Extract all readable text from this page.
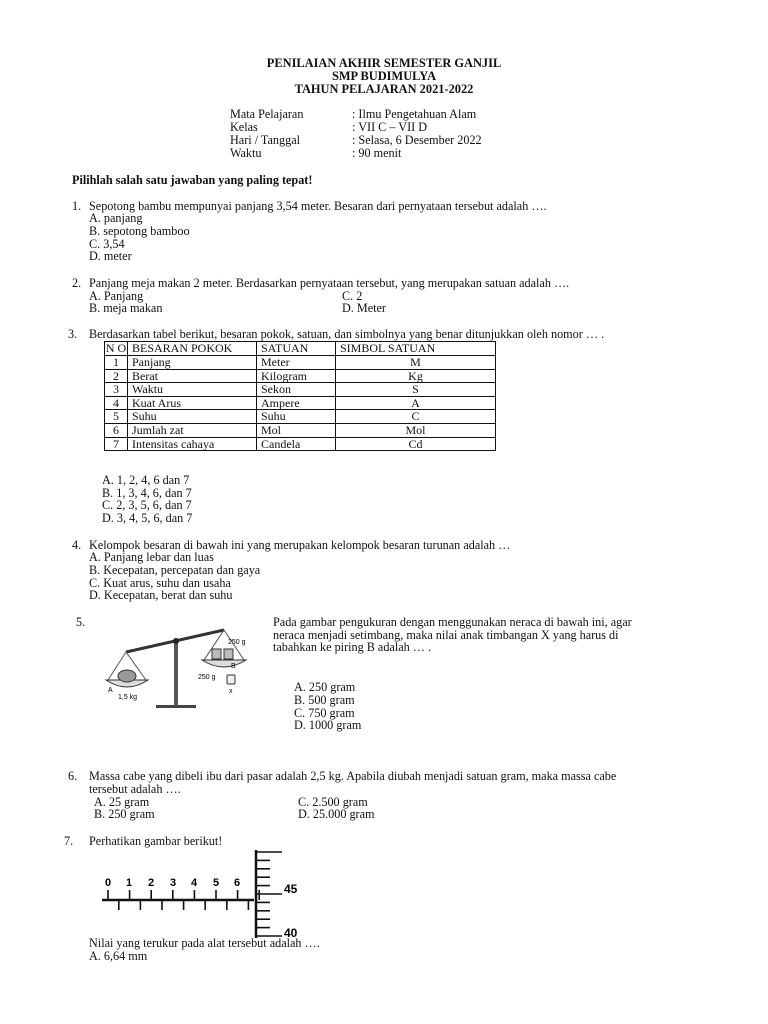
PENILAIAN AKHIR SEMESTER GANJIL
SMP BUDIMULYA
TAHUN PELAJARAN 2021-2022
Mata Pelajaran	: Ilmu Pengetahuan Alam
Kelas	: VII C – VII D
Hari / Tanggal	: Selasa, 6 Desember 2022
Waktu	: 90 menit
Pilihlah salah satu jawaban yang paling tepat!
1. Sepotong bambu mempunyai panjang 3,54 meter. Besaran dari pernyataan tersebut adalah ….
A. panjang
B. sepotong bamboo
C. 3,54
D. meter
2. Panjang meja makan 2 meter. Berdasarkan pernyataan tersebut, yang merupakan satuan adalah ….
A. Panjang	C. 2
B. meja makan	D. Meter
3. Berdasarkan tabel berikut, besaran pokok, satuan, dan simbolnya yang benar ditunjukkan oleh nomor … .
N O	BESARAN POKOK	SATUAN	SIMBOL SATUAN
1	Panjang	Meter	M
2	Berat	Kilogram	Kg
3	Waktu	Sekon	S
4	Kuat Arus	Ampere	A
5	Suhu	Suhu	C
6	Jumlah zat	Mol	Mol
7	Intensitas cahaya	Candela	Cd
A. 1, 2, 4, 6 dan 7
B. 1, 3, 4, 6, dan 7
C. 2, 3, 5, 6, dan 7
D. 3, 4, 5, 6, dan 7
4. Kelompok besaran di bawah ini yang merupakan kelompok besaran turunan adalah …
A. Panjang lebar dan luas
B. Kecepatan, percepatan dan gaya
C. Kuat arus, suhu dan usaha
D. Kecepatan, berat dan suhu
5.
250 g
250 g
B
A
1,5 kg
x
Pada gambar pengukuran dengan menggunakan neraca di bawah ini, agar
neraca menjadi setimbang, maka nilai anak timbangan X yang harus di
tabahkan ke piring B adalah … .
A. 250 gram
B. 500 gram
C. 750 gram
D. 1000 gram
6. Massa cabe yang dibeli ibu dari pasar adalah 2,5 kg. Apabila diubah menjadi satuan gram, maka massa cabe
tersebut adalah ….
A. 25 gram	C. 2.500 gram
B. 250 gram	D. 25.000 gram
7. Perhatikan gambar berikut!
0 1 2 3 4 5 6	45
40
Nilai yang terukur pada alat tersebut adalah ….
A. 6,64 mm
